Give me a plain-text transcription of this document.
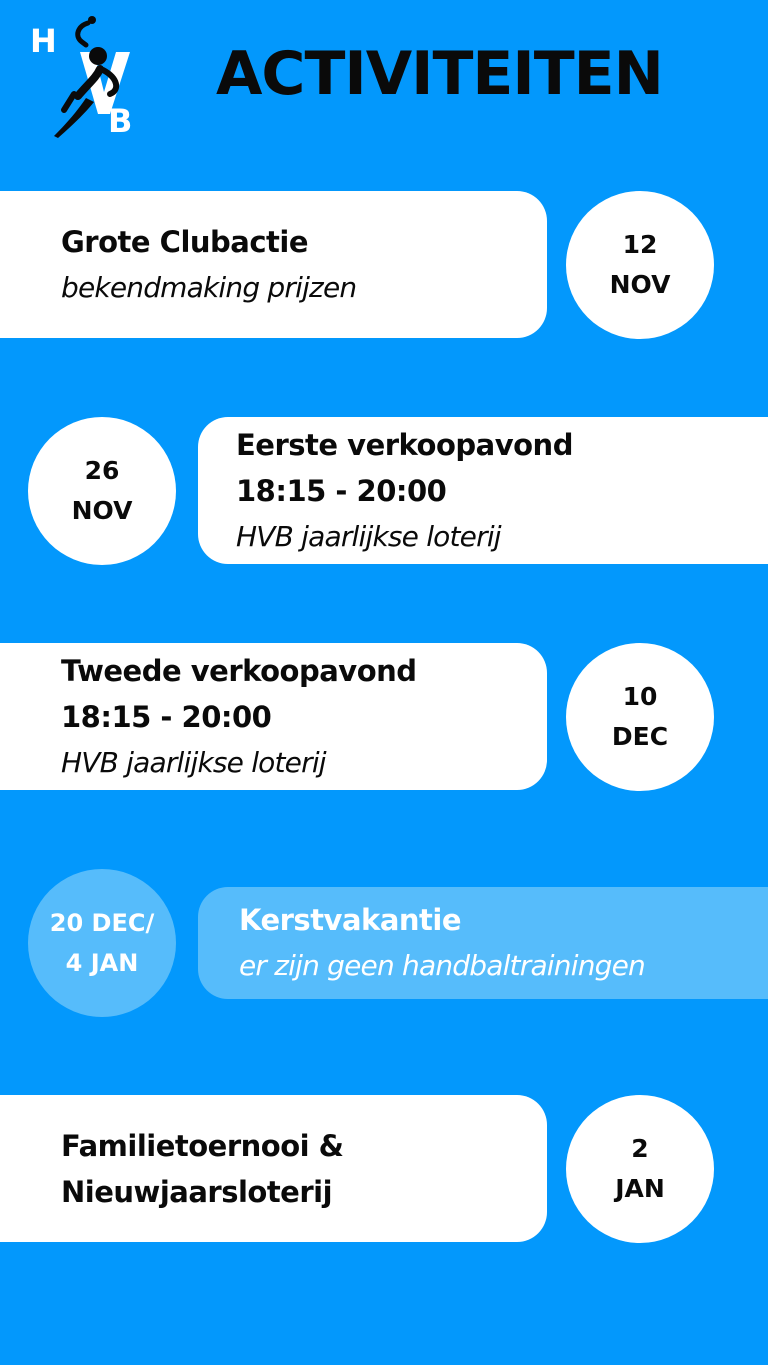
H
B
ACTIVITEITEN
Grote Clubactie
bekendmaking prijzen
12
NOV
26
NOV
Eerste verkoopavond
18:15 - 20:00
HVB jaarlijkse loterij
Tweede verkoopavond
18:15 - 20:00
HVB jaarlijkse loterij
10
DEC
20 DEC/
4 JAN
Kerstvakantie
er zijn geen handbaltrainingen
Familietoernooi &
Nieuwjaarsloterij
2
JAN
